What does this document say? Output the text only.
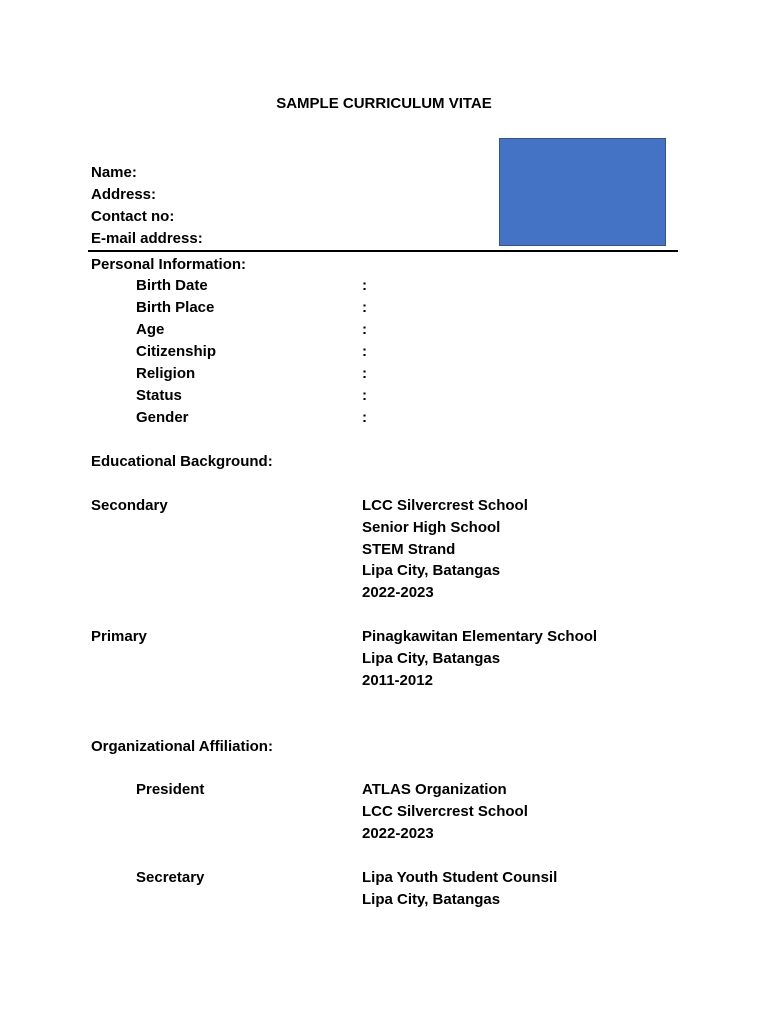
SAMPLE CURRICULUM VITAE
Name:
Address:
Contact no:
E-mail address:
Personal Information:
Birth Date	:
Birth Place	:
Age	:
Citizenship	:
Religion	:
Status	:
Gender	:
Educational Background:
Secondary	LCC Silvercrest School
Senior High School
STEM Strand
Lipa City, Batangas
2022-2023
Primary	Pinagkawitan Elementary School
Lipa City, Batangas
2011-2012
Organizational Affiliation:
President	ATLAS Organization
LCC Silvercrest School
2022-2023
Secretary	Lipa Youth Student Counsil
Lipa City, Batangas
